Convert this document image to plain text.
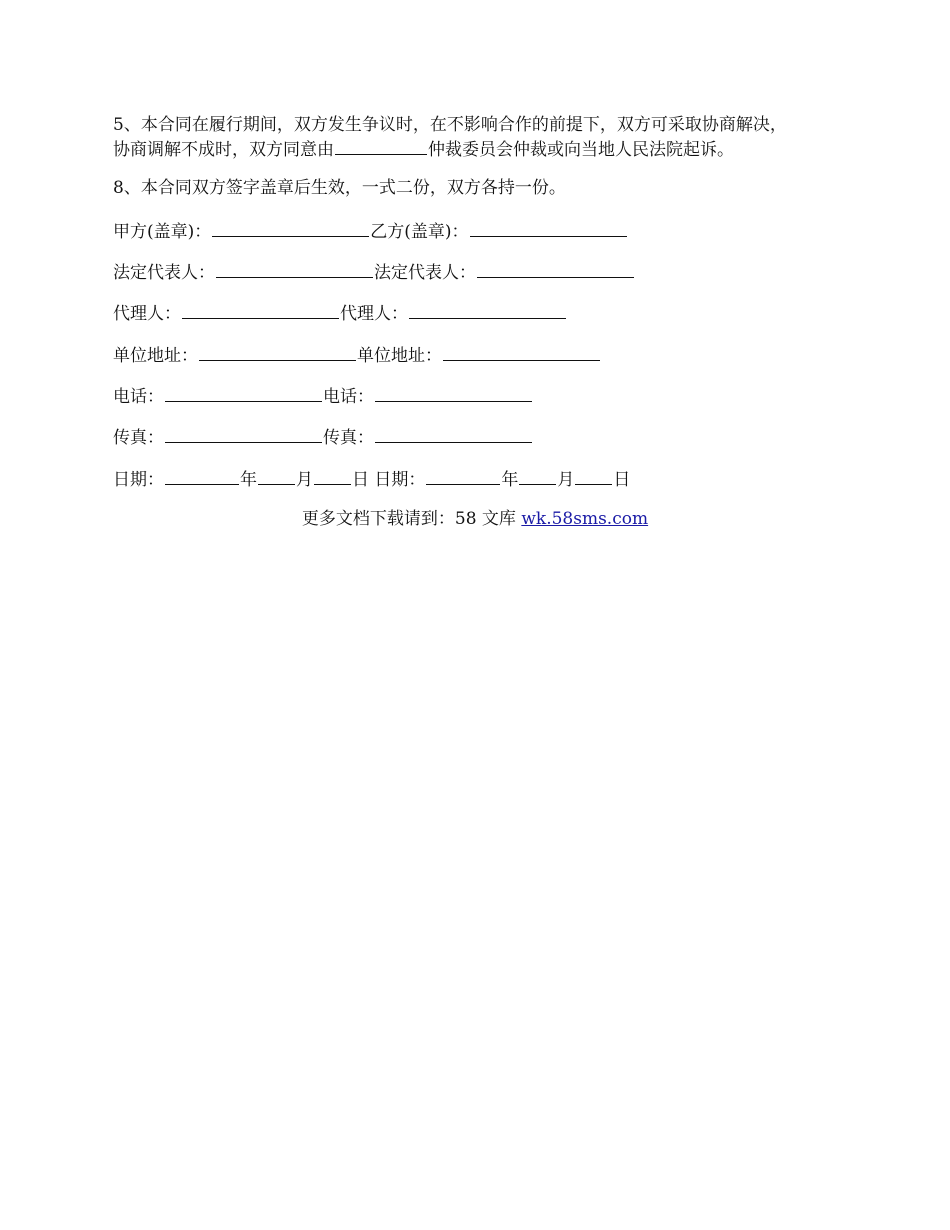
5、本合同在履行期间，双方发生争议时，在不影响合作的前提下，双方可采取协商解决，
协商调解不成时，双方同意由	仲裁委员会仲裁或向当地人民法院起诉。
8、本合同双方签字盖章后生效，一式二份，双方各持一份。
甲方(盖章)：	乙方(盖章)：
法定代表人：	法定代表人：
代理人：	代理人：
单位地址：	单位地址：
电话：	电话：
传真：	传真：
日期：	年 月 日 日期：	年 月 日
更多文档下载请到：58 文库 wk.58sms.com
